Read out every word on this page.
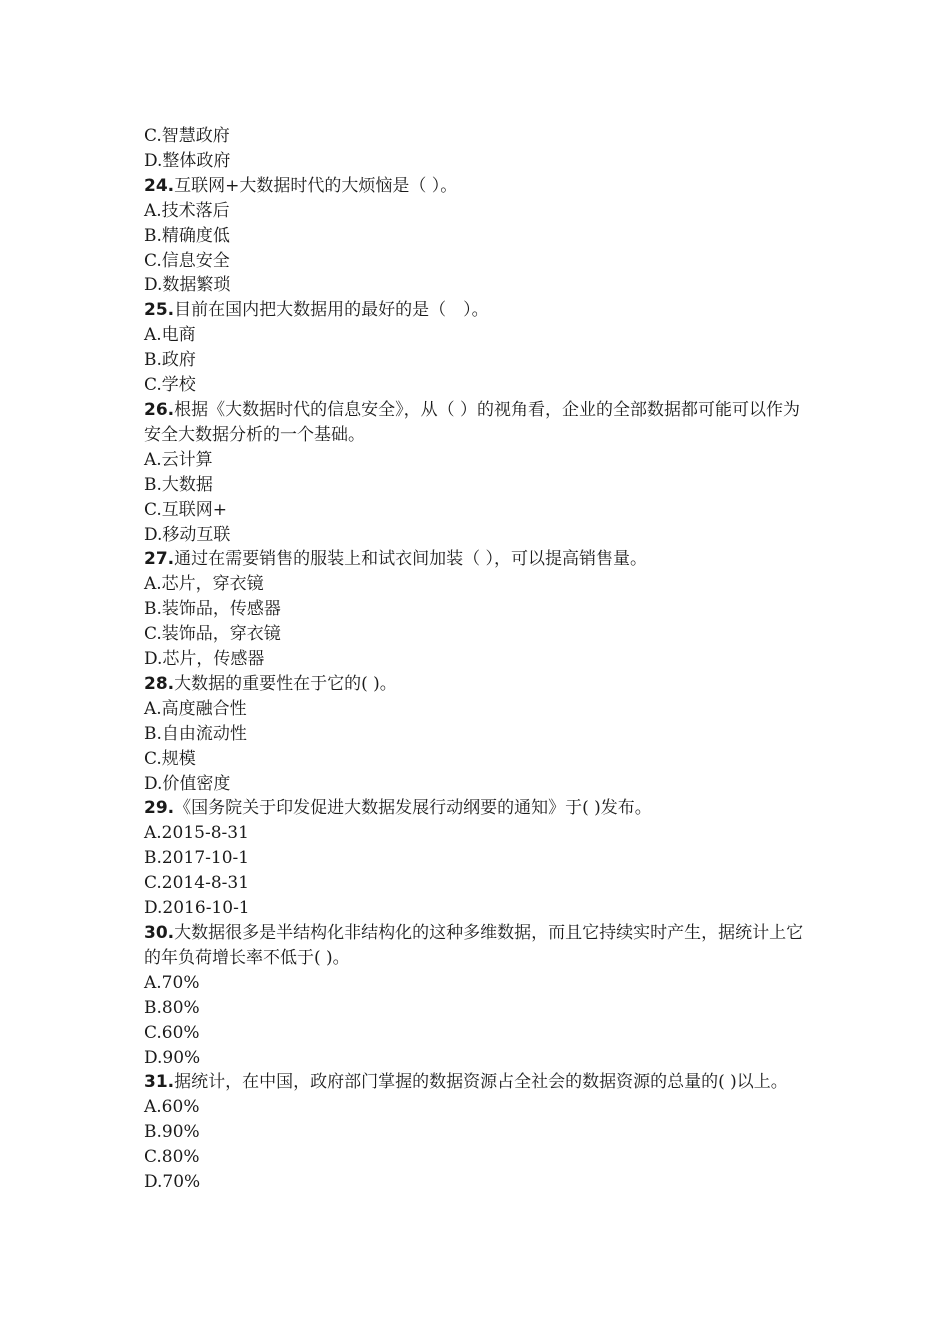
C.智慧政府
D.整体政府
24.互联网+大数据时代的大烦恼是（ ）。
A.技术落后
B.精确度低
C.信息安全
D.数据繁琐
25.目前在国内把大数据用的最好的是（　）。
A.电商
B.政府
C.学校
26.根据《大数据时代的信息安全》，从（ ）的视角看，企业的全部数据都可能可以作为安全大数据分析的一个基础。
A.云计算
B.大数据
C.互联网+
D.移动互联
27.通过在需要销售的服装上和试衣间加装（ ），可以提高销售量。
A.芯片，穿衣镜
B.装饰品，传感器
C.装饰品，穿衣镜
D.芯片，传感器
28.大数据的重要性在于它的( )。
A.高度融合性
B.自由流动性
C.规模
D.价值密度
29.《国务院关于印发促进大数据发展行动纲要的通知》于( )发布。
A.2015-8-31
B.2017-10-1
C.2014-8-31
D.2016-10-1
30.大数据很多是半结构化非结构化的这种多维数据，而且它持续实时产生，据统计上它的年负荷增长率不低于( )。
A.70%
B.80%
C.60%
D.90%
31.据统计，在中国，政府部门掌握的数据资源占全社会的数据资源的总量的( )以上。
A.60%
B.90%
C.80%
D.70%
